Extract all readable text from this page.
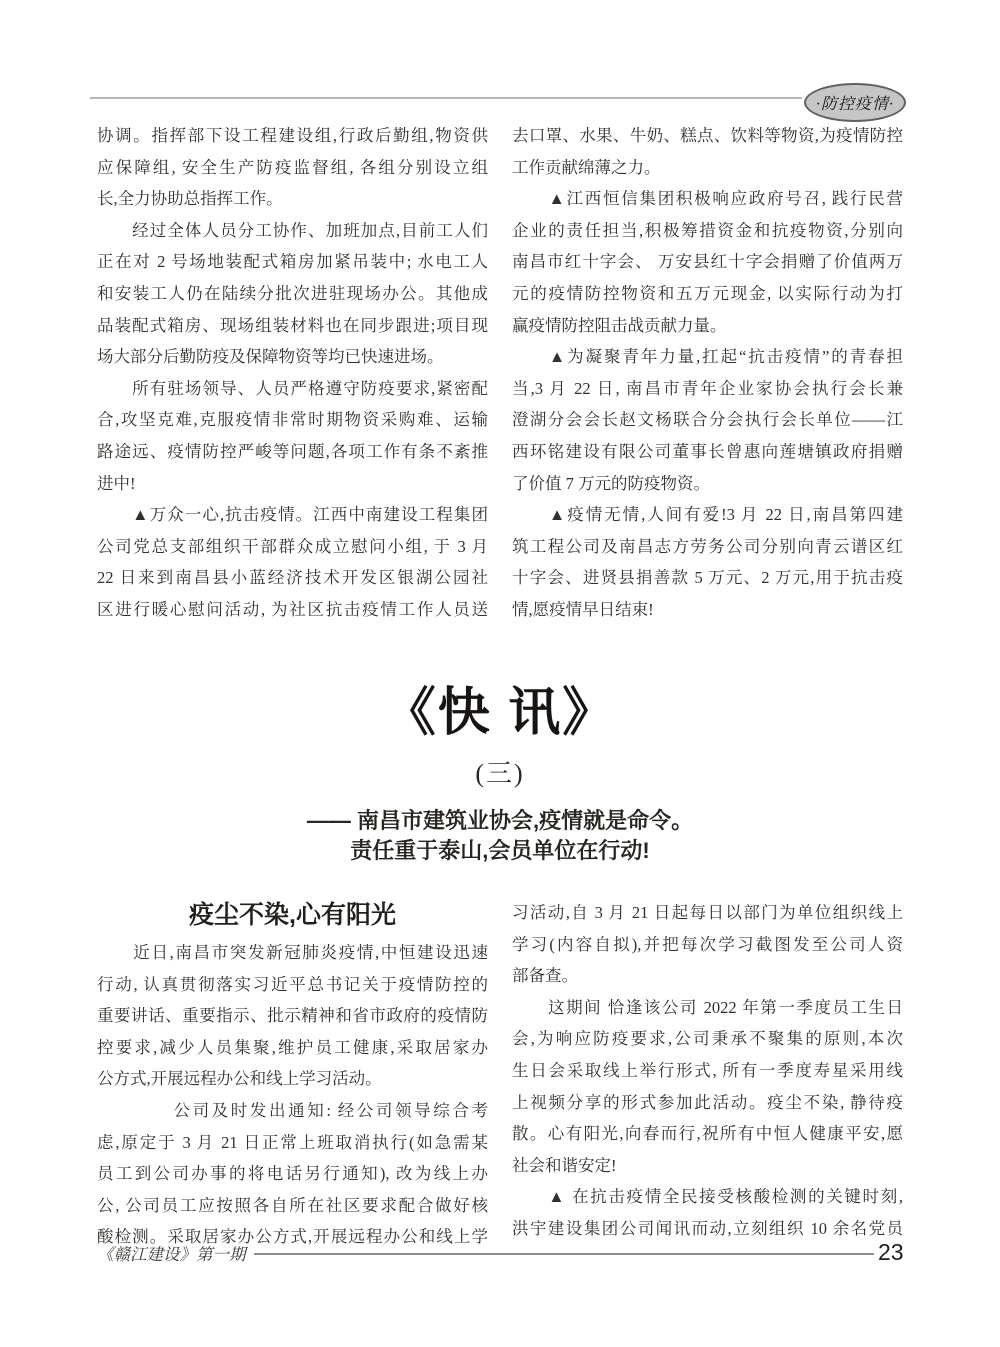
·防控疫情·
协调。指挥部下设工程建设组,行政后勤组,物资供
应保障组, 安全生产防疫监督组, 各组分别设立组
长,全力协助总指挥工作。
　　经过全体人员分工协作、加班加点,目前工人们
正在对 2 号场地装配式箱房加紧吊装中; 水电工人
和安装工人仍在陆续分批次进驻现场办公。其他成
品装配式箱房、现场组装材料也在同步跟进;项目现
场大部分后勤防疫及保障物资等均已快速进场。
　　所有驻场领导、人员严格遵守防疫要求,紧密配
合,攻坚克难,克服疫情非常时期物资采购难、运输
路途远、疫情防控严峻等问题,各项工作有条不紊推
进中!
　　▲万众一心,抗击疫情。江西中南建设工程集团
公司党总支部组织干部群众成立慰问小组, 于 3 月
22 日来到南昌县小蓝经济技术开发区银湖公园社
区进行暖心慰问活动, 为社区抗击疫情工作人员送
去口罩、水果、牛奶、糕点、饮料等物资,为疫情防控
工作贡献绵薄之力。
　　▲江西恒信集团积极响应政府号召, 践行民营
企业的责任担当,积极筹措资金和抗疫物资,分别向
南昌市红十字会、 万安县红十字会捐赠了价值两万
元的疫情防控物资和五万元现金, 以实际行动为打
赢疫情防控阻击战贡献力量。
　　▲为凝聚青年力量,扛起“抗击疫情”的青春担
当,3 月 22 日, 南昌市青年企业家协会执行会长兼
澄湖分会会长赵文杨联合分会执行会长单位——江
西环铭建设有限公司董事长曾惠向莲塘镇政府捐赠
了价值 7 万元的防疫物资。
　　▲疫情无情,人间有爱!3 月 22 日,南昌第四建
筑工程公司及南昌志方劳务公司分别向青云谱区红
十字会、进贤县捐善款 5 万元、2 万元,用于抗击疫
情,愿疫情早日结束!
《快 讯》
(三)
—— 南昌市建筑业协会,疫情就是命令。
责任重于泰山,会员单位在行动!
疫尘不染,心有阳光
　　近日,南昌市突发新冠肺炎疫情,中恒建设迅速
行动, 认真贯彻落实习近平总书记关于疫情防控的
重要讲话、重要指示、批示精神和省市政府的疫情防
控要求,减少人员集聚,维护员工健康,采取居家办
公方式,开展远程办公和线上学习活动。
　　　　公司及时发出通知: 经公司领导综合考
虑,原定于 3 月 21 日正常上班取消执行(如急需某
员工到公司办事的将电话另行通知), 改为线上办
公, 公司员工应按照各自所在社区要求配合做好核
酸检测。采取居家办公方式,开展远程办公和线上学
习活动,自 3 月 21 日起每日以部门为单位组织线上
学习(内容自拟),并把每次学习截图发至公司人资
部备查。
　　这期间 恰逢该公司 2022 年第一季度员工生日
会,为响应防疫要求,公司秉承不聚集的原则,本次
生日会采取线上举行形式, 所有一季度寿星采用线
上视频分享的形式参加此活动。疫尘不染, 静待疫
散。心有阳光,向春而行,祝所有中恒人健康平安,愿
社会和谐安定!
　　▲ 在抗击疫情全民接受核酸检测的关键时刻,
洪宇建设集团公司闻讯而动,立刻组织 10 余名党员
《赣江建设》第一期	23
